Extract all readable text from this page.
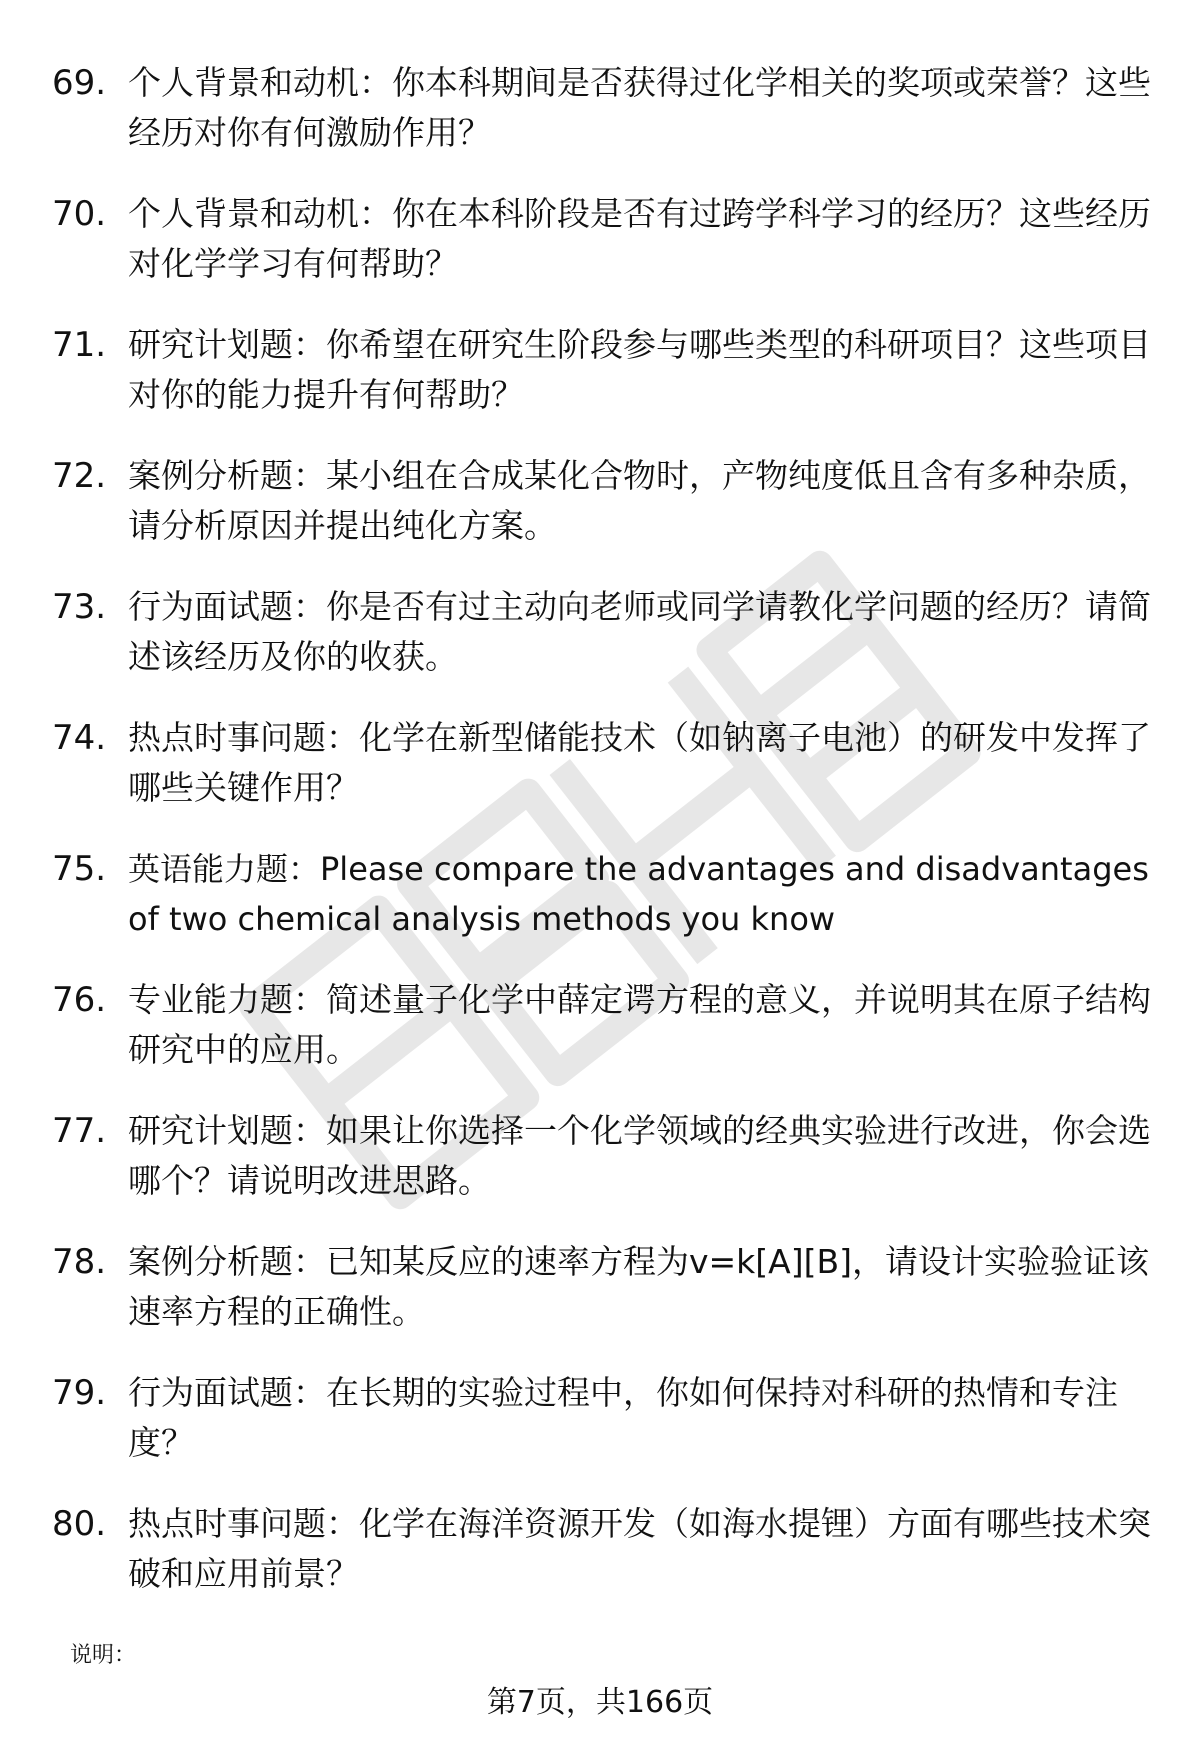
69. 个人背景和动机：你本科期间是否获得过化学相关的奖项或荣誉？这些经历对你有何激励作用？
70. 个人背景和动机：你在本科阶段是否有过跨学科学习的经历？这些经历对化学学习有何帮助？
71. 研究计划题：你希望在研究生阶段参与哪些类型的科研项目？这些项目对你的能力提升有何帮助？
72. 案例分析题：某小组在合成某化合物时，产物纯度低且含有多种杂质，请分析原因并提出纯化方案。
73. 行为面试题：你是否有过主动向老师或同学请教化学问题的经历？请简述该经历及你的收获。
74. 热点时事问题：化学在新型储能技术（如钠离子电池）的研发中发挥了哪些关键作用？
75. 英语能力题：Please compare the advantages and disadvantages of two chemical analysis methods you know
76. 专业能力题：简述量子化学中薛定谔方程的意义，并说明其在原子结构研究中的应用。
77. 研究计划题：如果让你选择一个化学领域的经典实验进行改进，你会选哪个？请说明改进思路。
78. 案例分析题：已知某反应的速率方程为v=k[A][B]，请设计实验验证该速率方程的正确性。
79. 行为面试题：在长期的实验过程中，你如何保持对科研的热情和专注度？
80. 热点时事问题：化学在海洋资源开发（如海水提锂）方面有哪些技术突破和应用前景？
说明：
第7页，共166页
